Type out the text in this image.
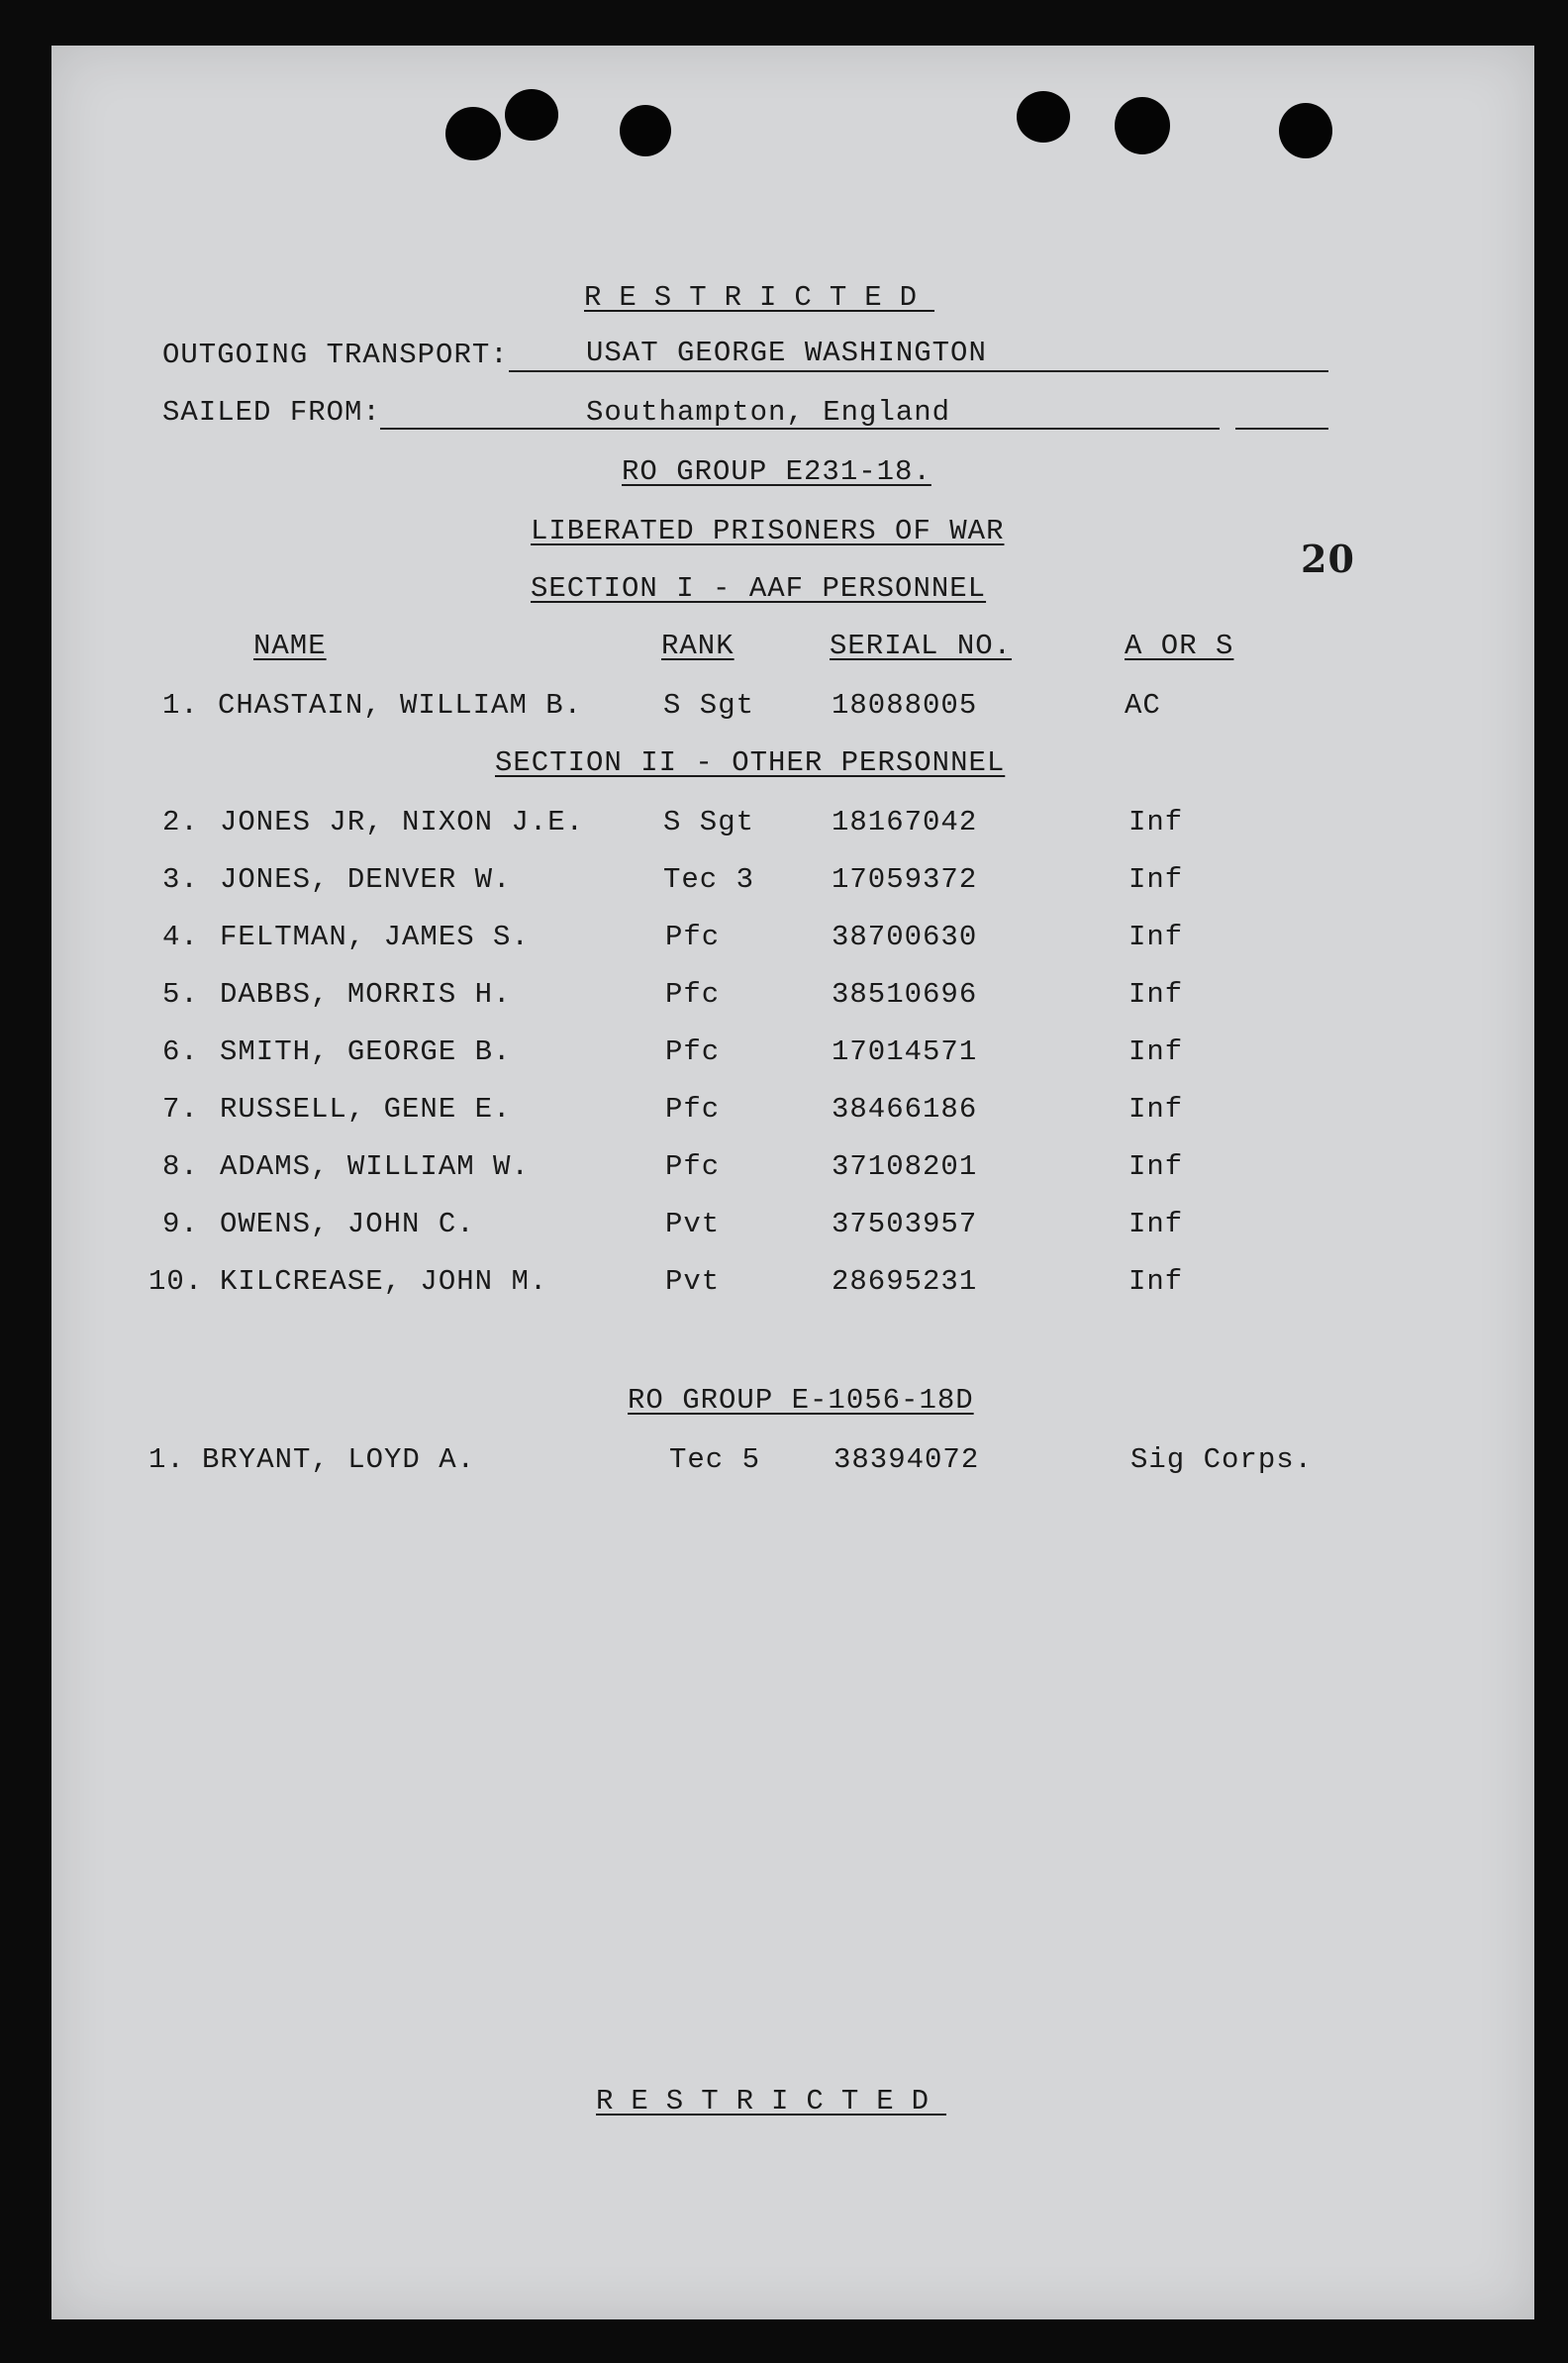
RESTRICTED
OUTGOING TRANSPORT:	USAT GEORGE WASHINGTON
SAILED FROM:	Southampton, England
RO GROUP E231-18.
LIBERATED PRISONERS OF WAR
SECTION I - AAF PERSONNEL
20
NAME	RANK	SERIAL NO.	A OR S
1. CHASTAIN, WILLIAM B.	S Sgt	18088005	AC
SECTION II - OTHER PERSONNEL
2. JONES JR, NIXON J.E.	S Sgt	18167042	Inf
3. JONES, DENVER W.	Tec 3	17059372	Inf
4. FELTMAN, JAMES S.	Pfc	38700630	Inf
5. DABBS, MORRIS H.	Pfc	38510696	Inf
6. SMITH, GEORGE B.	Pfc	17014571	Inf
7. RUSSELL, GENE E.	Pfc	38466186	Inf
8. ADAMS, WILLIAM W.	Pfc	37108201	Inf
9. OWENS, JOHN C.	Pvt	37503957	Inf
10. KILCREASE, JOHN M.	Pvt	28695231	Inf
RO GROUP E-1056-18D
1. BRYANT, LOYD A.	Tec 5	38394072	Sig Corps.
RESTRICTED
